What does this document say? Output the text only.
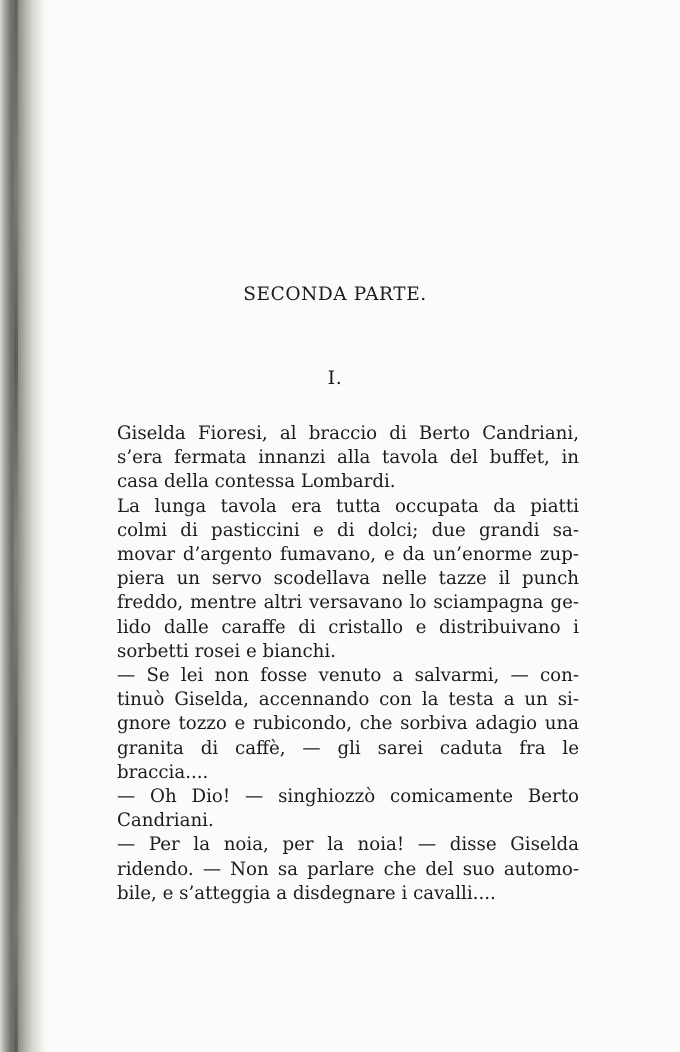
SECONDA PARTE.
I.
Giselda Fioresi, al braccio di Berto Candriani,
s’era fermata innanzi alla tavola del buffet, in
casa della contessa Lombardi.
La lunga tavola era tutta occupata da piatti
colmi di pasticcini e di dolci; due grandi sa-
movar d’argento fumavano, e da un’enorme zup-
piera un servo scodellava nelle tazze il punch
freddo, mentre altri versavano lo sciampagna ge-
lido dalle caraffe di cristallo e distribuivano i
sorbetti rosei e bianchi.
— Se lei non fosse venuto a salvarmi, — con-
tinuò Giselda, accennando con la testa a un si-
gnore tozzo e rubicondo, che sorbiva adagio una
granita di caffè, — gli sarei caduta fra le
braccia....
— Oh Dio! — singhiozzò comicamente Berto
Candriani.
— Per la noia, per la noia! — disse Giselda
ridendo. — Non sa parlare che del suo automo-
bile, e s’atteggia a disdegnare i cavalli....
